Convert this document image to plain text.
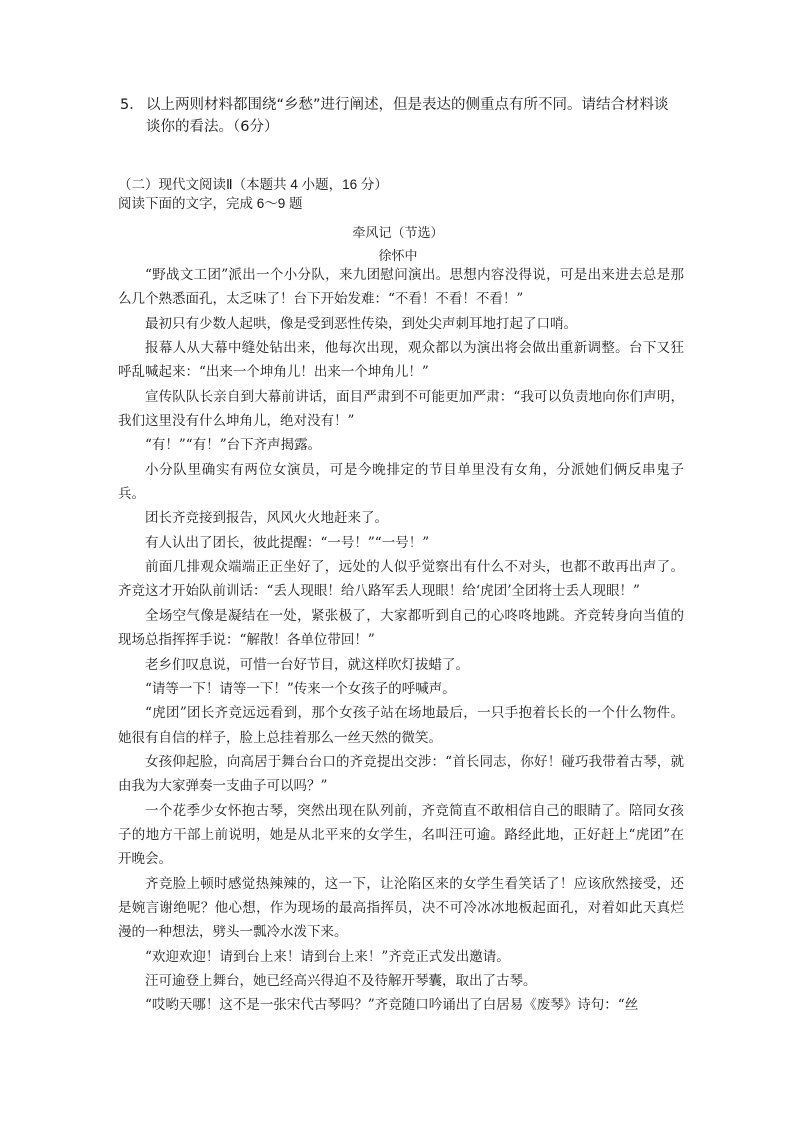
5． 以上两则材料都围绕“乡愁”进行阐述，但是表达的侧重点有所不同。请结合材料谈谈你的看法。（6分）
（二）现代文阅读Ⅱ（本题共 4 小题，16 分）
阅读下面的文字，完成 6～9 题
牵风记（节选）
徐怀中

“野战文工团”派出一个小分队，来九团慰问演出。思想内容没得说，可是出来进去总是那么几个熟悉面孔，太乏味了！台下开始发难：“不看！不看！不看！”

最初只有少数人起哄，像是受到恶性传染，到处尖声刺耳地打起了口哨。

报幕人从大幕中缝处钻出来，他每次出现，观众都以为演出将会做出重新调整。台下又狂呼乱喊起来：“出来一个坤角儿！出来一个坤角儿！”

宣传队队长亲自到大幕前讲话，面目严肃到不可能更加严肃：“我可以负责地向你们声明，我们这里没有什么坤角儿，绝对没有！”

“有！”“有！”台下齐声揭露。

小分队里确实有两位女演员，可是今晚排定的节目单里没有女角，分派她们俩反串鬼子兵。

团长齐竞接到报告，风风火火地赶来了。

有人认出了团长，彼此提醒：“一号！”“一号！”

前面几排观众端端正正坐好了，远处的人似乎觉察出有什么不对头，也都不敢再出声了。齐竞这才开始队前训话：“丢人现眼！给八路军丢人现眼！给‘虎团’全团将士丢人现眼！”

全场空气像是凝结在一处，紧张极了，大家都听到自己的心咚咚地跳。齐竞转身向当值的现场总指挥挥手说：“解散！各单位带回！”

老乡们叹息说，可惜一台好节目，就这样吹灯拔蜡了。

“请等一下！请等一下！”传来一个女孩子的呼喊声。

“虎团”团长齐竞远远看到，那个女孩子站在场地最后，一只手抱着长长的一个什么物件。她很有自信的样子，脸上总挂着那么一丝天然的微笑。

女孩仰起脸，向高居于舞台台口的齐竞提出交涉：“首长同志，你好！碰巧我带着古琴，就由我为大家弹奏一支曲子可以吗？”

一个花季少女怀抱古琴，突然出现在队列前，齐竞简直不敢相信自己的眼睛了。陪同女孩子的地方干部上前说明，她是从北平来的女学生，名叫汪可逾。路经此地，正好赶上“虎团”在开晚会。

齐竞脸上顿时感觉热辣辣的，这一下，让沦陷区来的女学生看笑话了！应该欣然接受，还是婉言谢绝呢？他心想，作为现场的最高指挥员，决不可冷冰冰地板起面孔，对着如此天真烂漫的一种想法，劈头一瓢冷水泼下来。

“欢迎欢迎！请到台上来！请到台上来！”齐竞正式发出邀请。

汪可逾登上舞台，她已经高兴得迫不及待解开琴囊，取出了古琴。

“哎哟天哪！这不是一张宋代古琴吗？”齐竞随口吟诵出了白居易《废琴》诗句：“丝
